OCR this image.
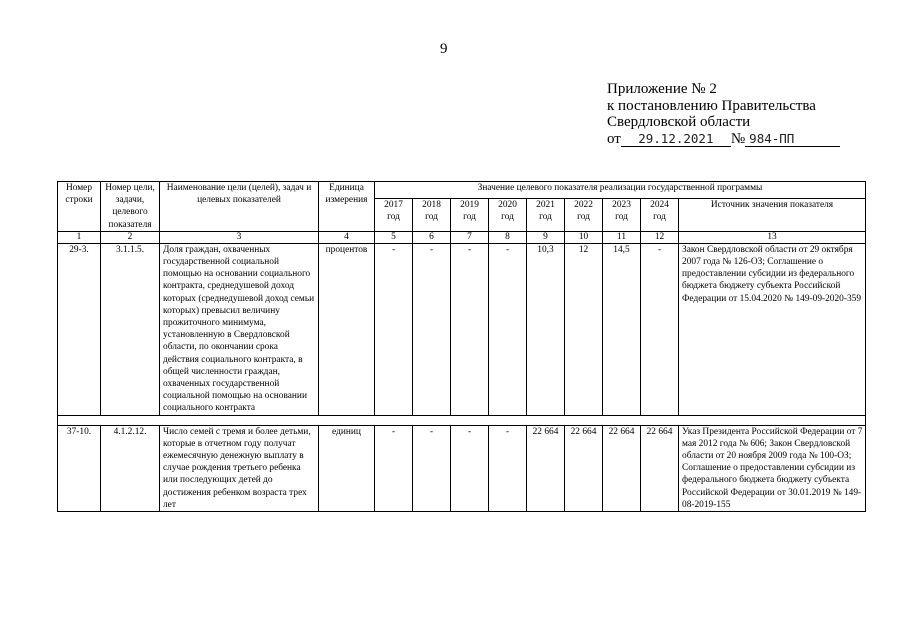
9
Приложение № 2
к постановлению Правительства
Свердловской области
от 29.12.2021 № 984-ПП
Номер строки	Номер цели, задачи, целевого показателя	Наименование цели (целей), задач и целевых показателей	Единица измерения	Значение целевого показателя реализации государственной программы								
				2017 год	2018 год	2019 год	2020 год	2021 год	2022 год	2023 год	2024 год	Источник значения показателя
1	2	3	4	5	6	7	8	9	10	11	12	13
29-3.	3.1.1.5.	Доля граждан, охваченных государственной социальной помощью на основании социального контракта, среднедушевой доход которых (среднедушевой доход семьи которых) превысил величину прожиточного минимума, установленную в Свердловской области, по окончании срока действия социального контракта, в общей численности граждан, охваченных государственной социальной помощью на основании социального контракта	процентов	-	-	-	-	10,3	12	14,5	-	Закон Свердловской области от 29 октября 2007 года № 126-ОЗ; Соглашение о предоставлении субсидии из федерального бюджета бюджету субъекта Российской Федерации от 15.04.2020 № 149-09-2020-359

37-10.	4.1.2.12.	Число семей с тремя и более детьми, которые в отчетном году получат ежемесячную денежную выплату в случае рождения третьего ребенка или последующих детей до достижения ребенком возраста трех лет	единиц	-	-	-	-	22 664	22 664	22 664	22 664	Указ Президента Российской Федерации от 7 мая 2012 года № 606; Закон Свердловской области от 20 ноября 2009 года № 100-ОЗ; Соглашение о предоставлении субсидии из федерального бюджета бюджету субъекта Российской Федерации от 30.01.2019 № 149-08-2019-155
